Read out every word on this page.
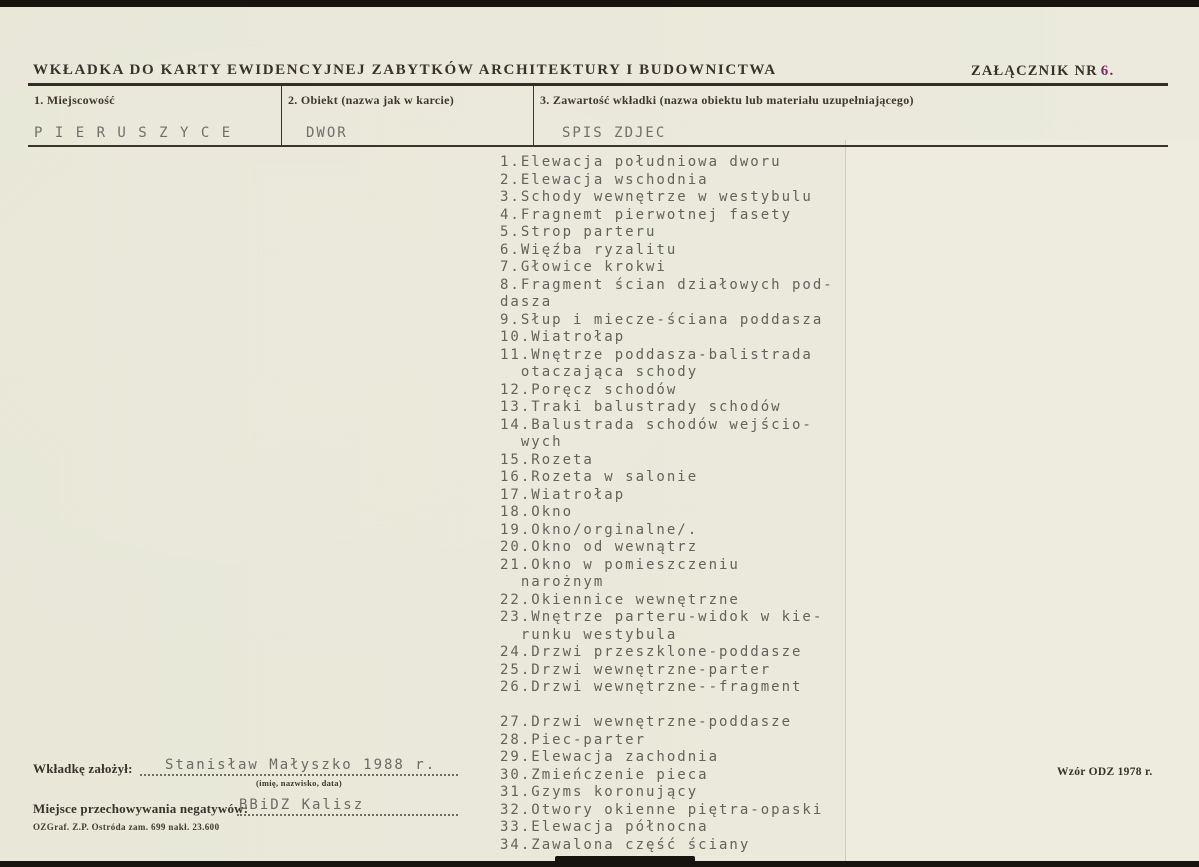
WKŁADKA DO KARTY EWIDENCYJNEJ ZABYTKÓW ARCHITEKTURY I BUDOWNICTWA	ZAŁĄCZNIK NR 6.
1. Miejscowość
P I E R U S Z Y C E
2. Obiekt (nazwa jak w karcie)
DWOR
3. Zawartość wkładki (nazwa obiektu lub materiału uzupełniającego)
SPIS ZDJEC
1.Elewacja południowa dworu
2.Elewacja wschodnia
3.Schody wewnętrze w westybulu
4.Fragnemt pierwotnej fasety
5.Strop parteru
6.Więźba ryzalitu
7.Głowice krokwi
8.Fragment ścian działowych pod-
dasza
9.Słup i miecze-ściana poddasza
10.Wiatrołap
11.Wnętrze poddasza-balistrada
otaczająca schody
12.Poręcz schodów
13.Traki balustrady schodów
14.Balustrada schodów wejścio-
wych
15.Rozeta
16.Rozeta w salonie
17.Wiatrołap
18.Okno
19.Okno/orginalne/.
20.Okno od wewnątrz
21.Okno w pomieszczeniu
narożnym
22.Okiennice wewnętrzne
23.Wnętrze parteru-widok w kie-
runku westybula
24.Drzwi przeszklone-poddasze
25.Drzwi wewnętrzne-parter
26.Drzwi wewnętrzne--fragment

27.Drzwi wewnętrzne-poddasze
28.Piec-parter
29.Elewacja zachodnia
30.Zmieńczenie pieca
31.Gzyms koronujący
32.Otwory okienne piętra-opaski
33.Elewacja północna
34.Zawalona część ściany
Wkładkę założył: Stanisław Małyszko 1988 r.
(imię, nazwisko, data)
Miejsce przechowywania negatywów:
BBiDZ Kalisz
OZGraf. Z.P. Ostróda zam. 699 nakł. 23.600
Wzór ODZ 1978 r.
